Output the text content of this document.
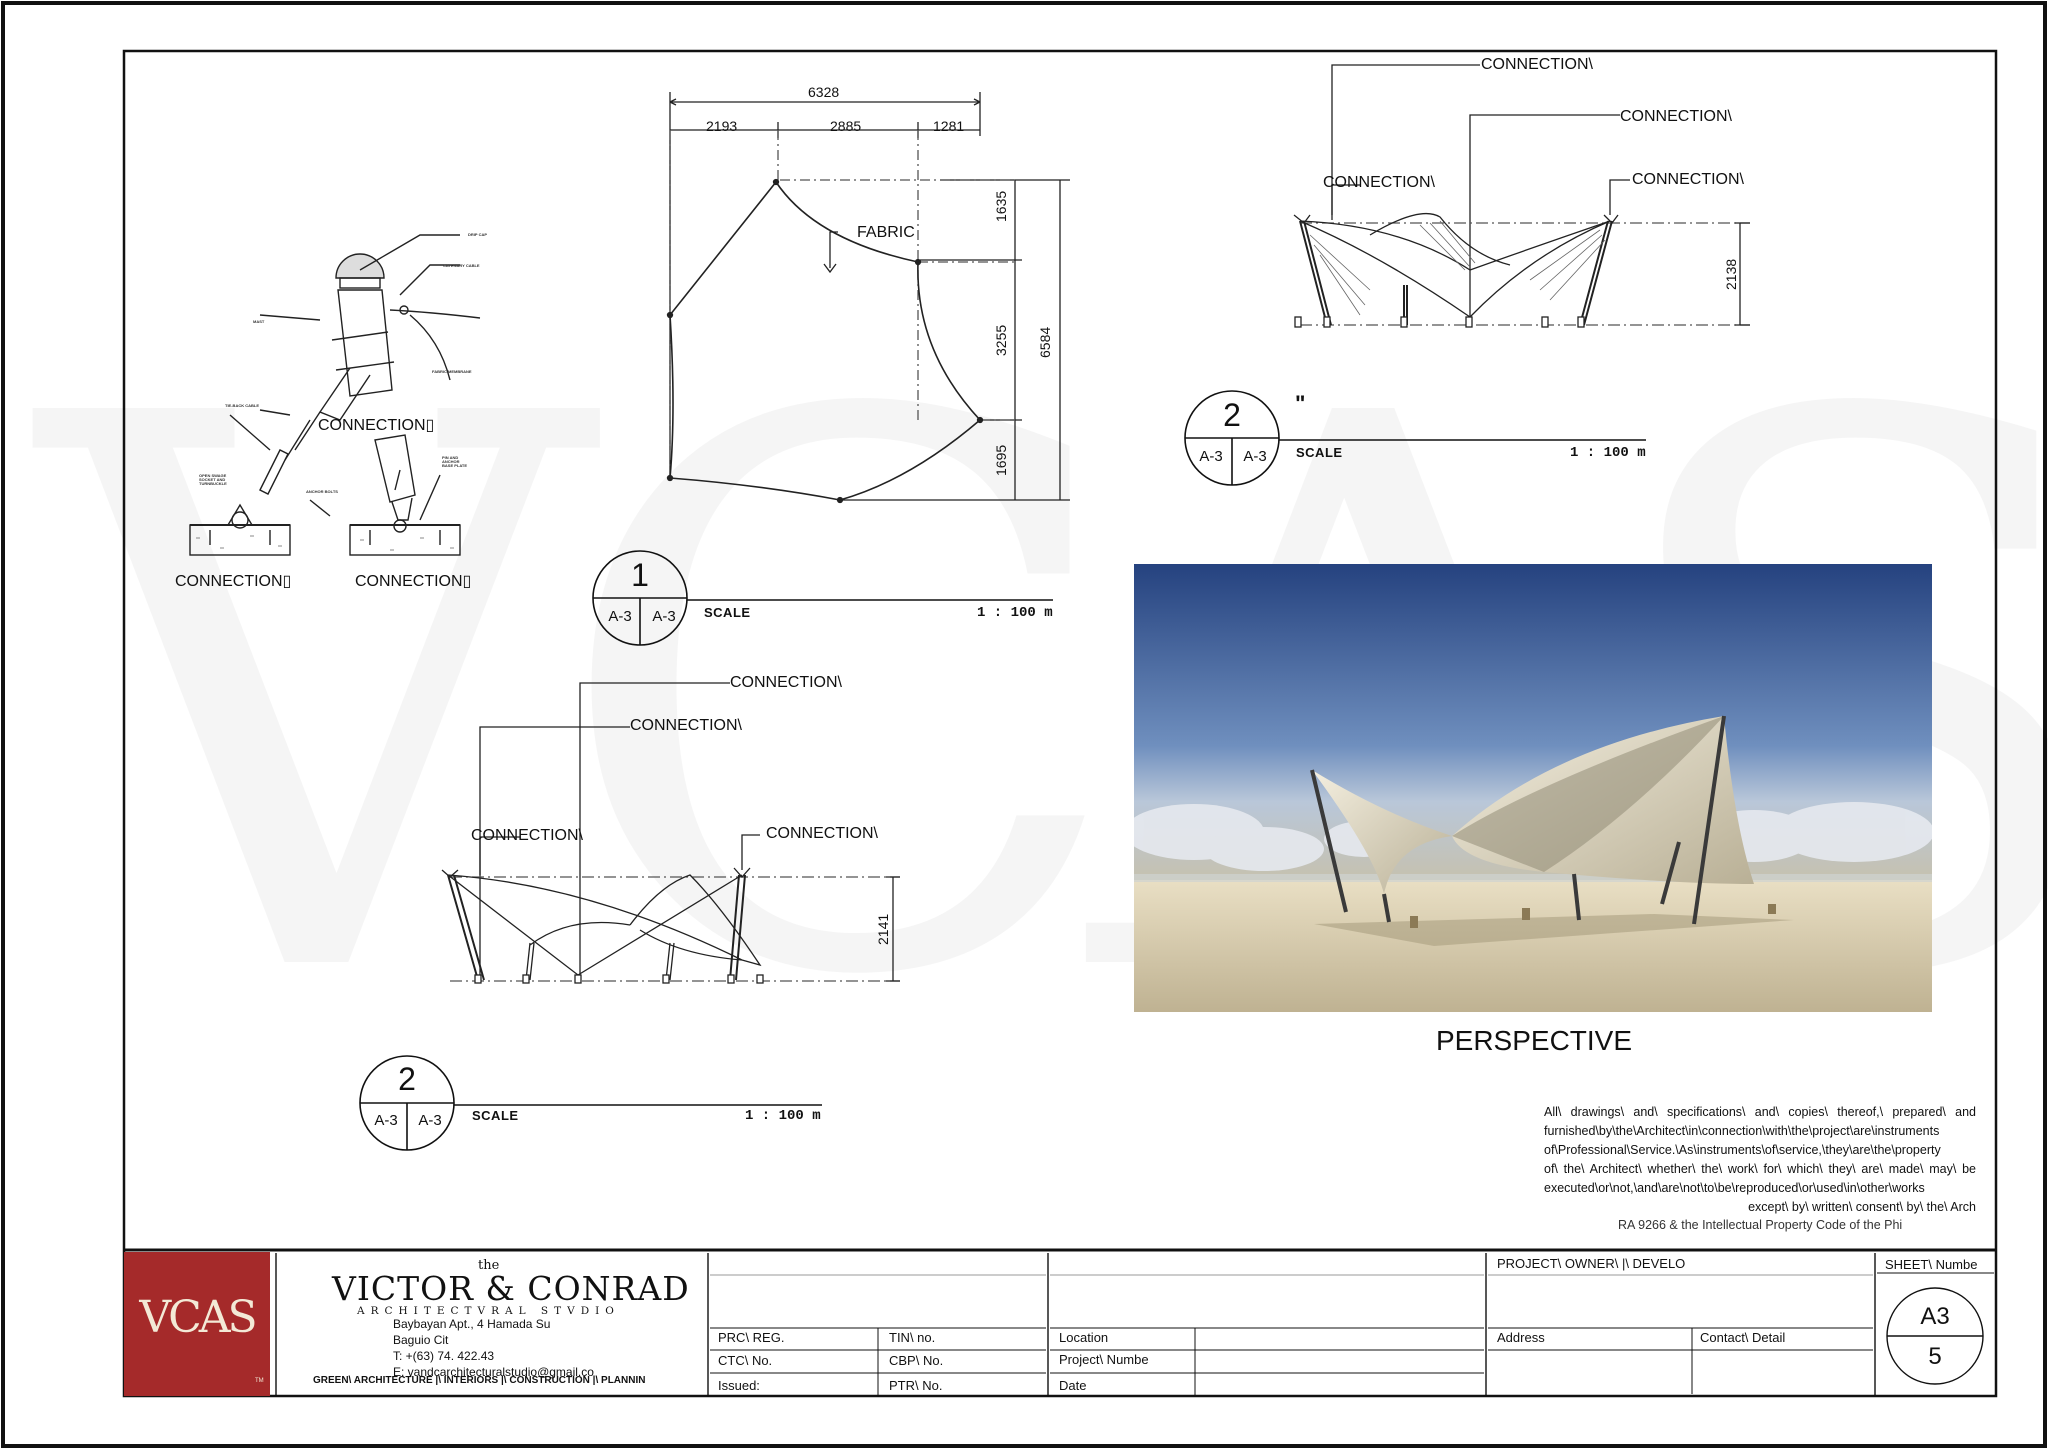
CONNECTION▯
CONNECTION▯	CONNECTION▯
DRIP CAP
CATENARY CABLE
MAST
FABRIC MEMBRANE
TIE-BACK CABLE
OPEN SWAGE SOCKET AND TURNBUCKLE
ANCHOR BOLTS
PIN AND ANCHOR BASE PLATE
6328
2193	2885	1281
FABRIC
1635
3255
1695
6584
1
A-3	A-3	SCALE	1 : 100 m
CONNECTION\
CONNECTION\
CONNECTION\	CONNECTION\
2138
2
A-3	A-3
"
SCALE	1 : 100 m
CONNECTION\
CONNECTION\
CONNECTION\	CONNECTION\
2141
2
A-3	A-3	SCALE	1 : 100 m
PERSPECTIVE
All\ drawings\ and\ specifications\ and\ copies\ thereof,\ prepared\ and
furnished\by\the\Architect\in\connection\with\the\project\are\instruments
of\Professional\Service.\As\instruments\of\service,\they\are\the\property
of\ the\ Architect\ whether\ the\ work\ for\ which\ they\ are\ made\ may\ be
executed\or\not,\and\are\not\to\be\reproduced\or\used\in\other\works
except\ by\ written\ consent\ by\ the\ Arch
RA 9266 & the Intellectual Property Code of the Phi
VCAS
TM
the
VICTOR & CONRAD
ARCHITECTVRAL STVDIO
Baybayan Apt., 4 Hamada Su
Baguio Cit
T: +(63) 74. 422.43
E: vandcarchitecturalstudio@gmail.co
GREEN\ ARCHITECTURE |\ INTERIORS |\ CONSTRUCTION |\ PLANNIN
PRC\ REG.	TIN\ no.
CTC\ No.	CBP\ No.
Issued:	PTR\ No.
Location
Project\ Numbe
Date
PROJECT\ OWNER\ |\ DEVELO
Address	Contact\ Detail
SHEET\ Numbe
A3
5
